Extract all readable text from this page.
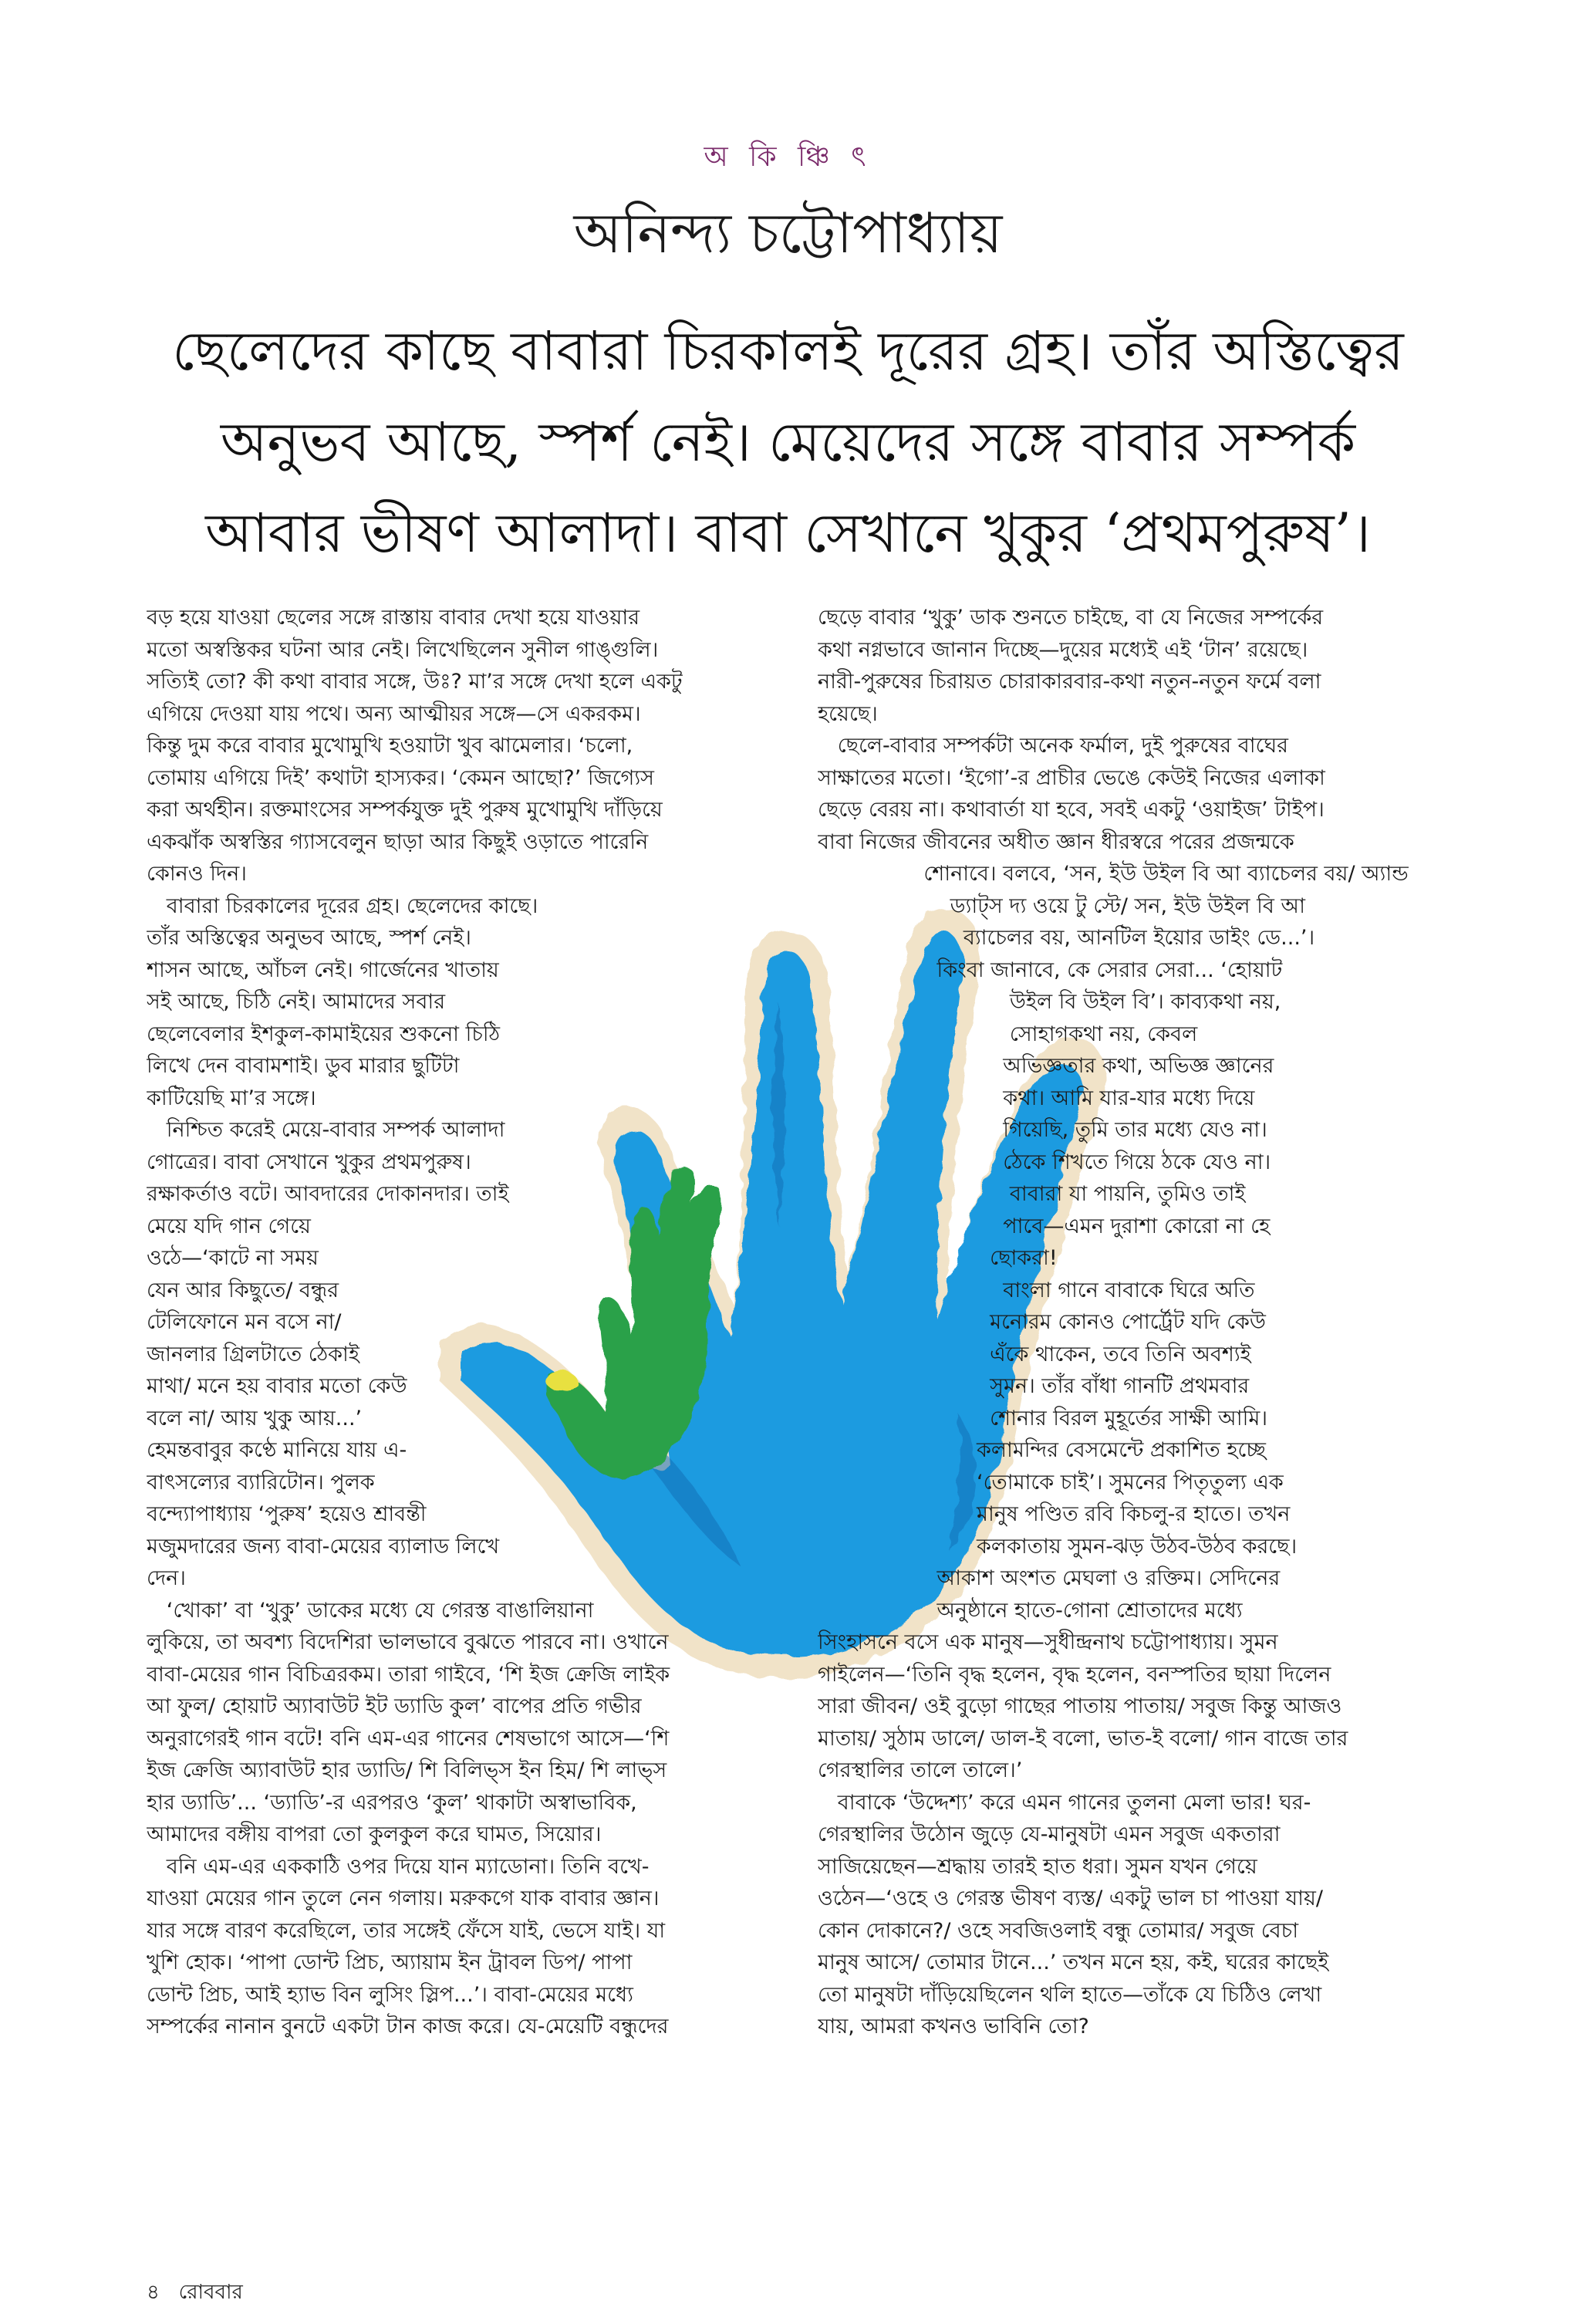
অ কি ঞ্চি ৎ
অনিন্দ্য চট্টোপাধ্যায়
ছেলেদের কাছে বাবারা চিরকালই দূরের গ্রহ। তাঁর অস্তিত্বের
অনুভব আছে, স্পর্শ নেই। মেয়েদের সঙ্গে বাবার সম্পর্ক
আবার ভীষণ আলাদা। বাবা সেখানে খুকুর ‘প্রথমপুরুষ’।
বড় হয়ে যাওয়া ছেলের সঙ্গে রাস্তায় বাবার দেখা হয়ে যাওয়ার
মতো অস্বস্তিকর ঘটনা আর নেই। লিখেছিলেন সুনীল গাঙ্গুলি।
সত্যিই তো? কী কথা বাবার সঙ্গে, উঃ? মা’র সঙ্গে দেখা হলে একটু
এগিয়ে দেওয়া যায় পথে। অন্য আত্মীয়র সঙ্গে—সে একরকম।
কিন্তু দুম করে বাবার মুখোমুখি হওয়াটা খুব ঝামেলার। ‘চলো,
তোমায় এগিয়ে দিই’ কথাটা হাস্যকর। ‘কেমন আছো?’ জিগ্যেস
করা অর্থহীন। রক্তমাংসের সম্পর্কযুক্ত দুই পুরুষ মুখোমুখি দাঁড়িয়ে
একঝাঁক অস্বস্তির গ্যাসবেলুন ছাড়া আর কিছুই ওড়াতে পারেনি
কোনও দিন।
বাবারা চিরকালের দূরের গ্রহ। ছেলেদের কাছে।
তাঁর অস্তিত্বের অনুভব আছে, স্পর্শ নেই।
শাসন আছে, আঁচল নেই। গার্জেনের খাতায়
সই আছে, চিঠি নেই। আমাদের সবার
ছেলেবেলার ইশকুল-কামাইয়ের শুকনো চিঠি
লিখে দেন বাবামশাই। ডুব মারার ছুটিটা
কাটিয়েছি মা’র সঙ্গে।
নিশ্চিত করেই মেয়ে-বাবার সম্পর্ক আলাদা
গোত্রের। বাবা সেখানে খুকুর প্রথমপুরুষ।
রক্ষাকর্তাও বটে। আবদারের দোকানদার। তাই
মেয়ে যদি গান গেয়ে
ওঠে—‘কাটে না সময়
যেন আর কিছুতে/ বন্ধুর
টেলিফোনে মন বসে না/
জানলার গ্রিলটাতে ঠেকাই
মাথা/ মনে হয় বাবার মতো কেউ
বলে না/ আয় খুকু আয়...’
হেমন্তবাবুর কণ্ঠে মানিয়ে যায় এ-
বাৎসল্যের ব্যারিটোন। পুলক
বন্দ্যোপাধ্যায় ‘পুরুষ’ হয়েও শ্রাবন্তী
মজুমদারের জন্য বাবা-মেয়ের ব্যালাড লিখে
দেন।
‘খোকা’ বা ‘খুকু’ ডাকের মধ্যে যে গেরস্ত বাঙালিয়ানা
লুকিয়ে, তা অবশ্য বিদেশিরা ভালভাবে বুঝতে পারবে না। ওখানে
বাবা-মেয়ের গান বিচিত্ররকম। তারা গাইবে, ‘শি ইজ ক্রেজি লাইক
আ ফুল/ হোয়াট অ্যাবাউট ইট ড্যাডি কুল’ বাপের প্রতি গভীর
অনুরাগেরই গান বটে! বনি এম-এর গানের শেষভাগে আসে—‘শি
ইজ ক্রেজি অ্যাবাউট হার ড্যাডি/ শি বিলিভ্‌স ইন হিম/ শি লাভ্‌স
হার ড্যাডি’... ‘ড্যাডি’-র এরপরও ‘কুল’ থাকাটা অস্বাভাবিক,
আমাদের বঙ্গীয় বাপরা তো কুলকুল করে ঘামত, সিয়োর।
বনি এম-এর এককাঠি ওপর দিয়ে যান ম্যাডোনা। তিনি বখে-
যাওয়া মেয়ের গান তুলে নেন গলায়। মরুকগে যাক বাবার জ্ঞান।
যার সঙ্গে বারণ করেছিলে, তার সঙ্গেই ফেঁসে যাই, ভেসে যাই। যা
খুশি হোক। ‘পাপা ডোন্ট প্রিচ, অ্যায়াম ইন ট্রাবল ডিপ/ পাপা
ডোন্ট প্রিচ, আই হ্যাভ বিন লুসিং স্লিপ...’। বাবা-মেয়ের মধ্যে
সম্পর্কের নানান বুনটে একটা টান কাজ করে। যে-মেয়েটি বন্ধুদের
ছেড়ে বাবার ‘খুকু’ ডাক শুনতে চাইছে, বা যে নিজের সম্পর্কের
কথা নগ্নভাবে জানান দিচ্ছে—দুয়ের মধ্যেই এই ‘টান’ রয়েছে।
নারী-পুরুষের চিরায়ত চোরাকারবার-কথা নতুন-নতুন ফর্মে বলা
হয়েছে।
ছেলে-বাবার সম্পর্কটা অনেক ফর্মাল, দুই পুরুষের বাঘের
সাক্ষাতের মতো। ‘ইগো’-র প্রাচীর ভেঙে কেউই নিজের এলাকা
ছেড়ে বেরয় না। কথাবার্তা যা হবে, সবই একটু ‘ওয়াইজ’ টাইপ।
বাবা নিজের জীবনের অধীত জ্ঞান ধীরস্বরে পরের প্রজন্মকে
শোনাবে। বলবে, ‘সন, ইউ উইল বি আ ব্যাচেলর বয়/ অ্যান্ড
ড্যাট্‌স দ্য ওয়ে টু স্টে/ সন, ইউ উইল বি আ
ব্যাচেলর বয়, আনটিল ইয়োর ডাইং ডে...’।
কিংবা জানাবে, কে সেরার সেরা... ‘হোয়াট
উইল বি উইল বি’। কাব্যকথা নয়,
সোহাগকথা নয়, কেবল
অভিজ্ঞতার কথা, অভিজ্ঞ জ্ঞানের
কথা। আমি যার-যার মধ্যে দিয়ে
গিয়েছি, তুমি তার মধ্যে যেও না।
ঠেকে শিখতে গিয়ে ঠকে যেও না।
বাবারা যা পায়নি, তুমিও তাই
পাবে—এমন দুরাশা কোরো না হে
ছোকরা!
বাংলা গানে বাবাকে ঘিরে অতি
মনোরম কোনও পোর্ট্রেট যদি কেউ
এঁকে থাকেন, তবে তিনি অবশ্যই
সুমন। তাঁর বাঁধা গানটি প্রথমবার
শোনার বিরল মুহূর্তের সাক্ষী আমি।
কলামন্দির বেসমেন্টে প্রকাশিত হচ্ছে
‘তোমাকে চাই’। সুমনের পিতৃতুল্য এক
মানুষ পণ্ডিত রবি কিচলু-র হাতে। তখন
কলকাতায় সুমন-ঝড় উঠব-উঠব করছে।
আকাশ অংশত মেঘলা ও রক্তিম। সেদিনের
অনুষ্ঠানে হাতে-গোনা শ্রোতাদের মধ্যে
সিংহাসনে বসে এক মানুষ—সুধীন্দ্রনাথ চট্টোপাধ্যায়। সুমন
গাইলেন—‘তিনি বৃদ্ধ হলেন, বৃদ্ধ হলেন, বনস্পতির ছায়া দিলেন
সারা জীবন/ ওই বুড়ো গাছের পাতায় পাতায়/ সবুজ কিন্তু আজও
মাতায়/ সুঠাম ডালে/ ডাল-ই বলো, ভাত-ই বলো/ গান বাজে তার
গেরস্থালির তালে তালে।’
বাবাকে ‘উদ্দেশ্য’ করে এমন গানের তুলনা মেলা ভার! ঘর-
গেরস্থালির উঠোন জুড়ে যে-মানুষটা এমন সবুজ একতারা
সাজিয়েছেন—শ্রদ্ধায় তারই হাত ধরা। সুমন যখন গেয়ে
ওঠেন—‘ওহে ও গেরস্ত ভীষণ ব্যস্ত/ একটু ভাল চা পাওয়া যায়/
কোন দোকানে?/ ওহে সবজিওলাই বন্ধু তোমার/ সবুজ বেচা
মানুষ আসে/ তোমার টানে...’ তখন মনে হয়, কই, ঘরের কাছেই
তো মানুষটা দাঁড়িয়েছিলেন থলি হাতে—তাঁকে যে চিঠিও লেখা
যায়, আমরা কখনও ভাবিনি তো?
৪ রোববার
